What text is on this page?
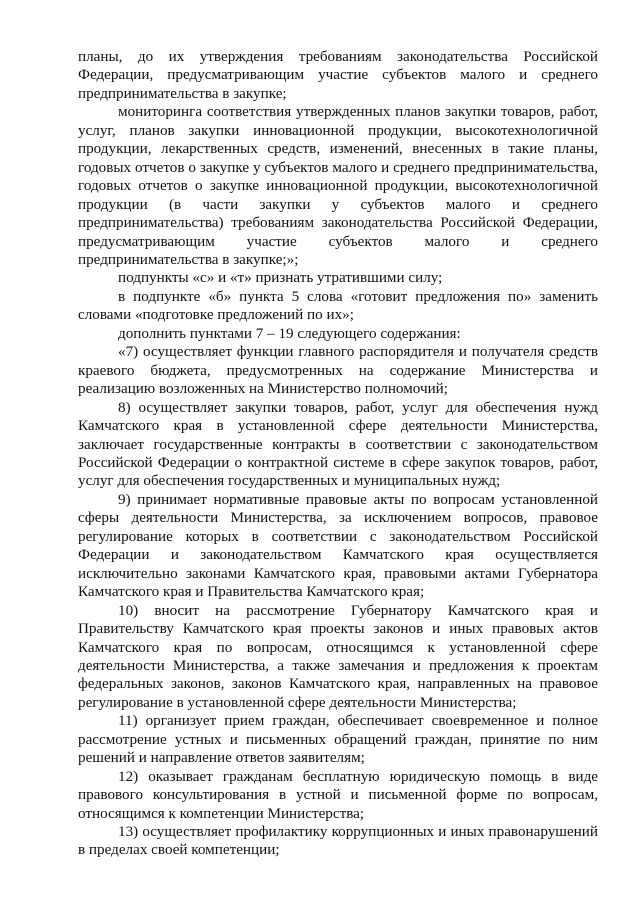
планы, до их утверждения требованиям законодательства Российской Федерации, предусматривающим участие субъектов малого и среднего предпринимательства в закупке;

мониторинга соответствия утвержденных планов закупки товаров, работ, услуг, планов закупки инновационной продукции, высокотехнологичной продукции, лекарственных средств, изменений, внесенных в такие планы, годовых отчетов о закупке у субъектов малого и среднего предпринимательства, годовых отчетов о закупке инновационной продукции, высокотехнологичной продукции (в части закупки у субъектов малого и среднего предпринимательства) требованиям законодательства Российской Федерации, предусматривающим участие субъектов малого и среднего предпринимательства в закупке;»;

подпункты «с» и «т» признать утратившими силу;

в подпункте «б» пункта 5 слова «готовит предложения по» заменить словами «подготовке предложений по их»;

дополнить пунктами 7 – 19 следующего содержания:

«7) осуществляет функции главного распорядителя и получателя средств краевого бюджета, предусмотренных на содержание Министерства и реализацию возложенных на Министерство полномочий;

8) осуществляет закупки товаров, работ, услуг для обеспечения нужд Камчатского края в установленной сфере деятельности Министерства, заключает государственные контракты в соответствии с законодательством Российской Федерации о контрактной системе в сфере закупок товаров, работ, услуг для обеспечения государственных и муниципальных нужд;

9) принимает нормативные правовые акты по вопросам установленной сферы деятельности Министерства, за исключением вопросов, правовое регулирование которых в соответствии с законодательством Российской Федерации и законодательством Камчатского края осуществляется исключительно законами Камчатского края, правовыми актами Губернатора Камчатского края и Правительства Камчатского края;

10) вносит на рассмотрение Губернатору Камчатского края и Правительству Камчатского края проекты законов и иных правовых актов Камчатского края по вопросам, относящимся к установленной сфере деятельности Министерства, а также замечания и предложения к проектам федеральных законов, законов Камчатского края, направленных на правовое регулирование в установленной сфере деятельности Министерства;

11) организует прием граждан, обеспечивает своевременное и полное рассмотрение устных и письменных обращений граждан, принятие по ним решений и направление ответов заявителям;

12) оказывает гражданам бесплатную юридическую помощь в виде правового консультирования в устной и письменной форме по вопросам, относящимся к компетенции Министерства;

13) осуществляет профилактику коррупционных и иных правонарушений в пределах своей компетенции;
